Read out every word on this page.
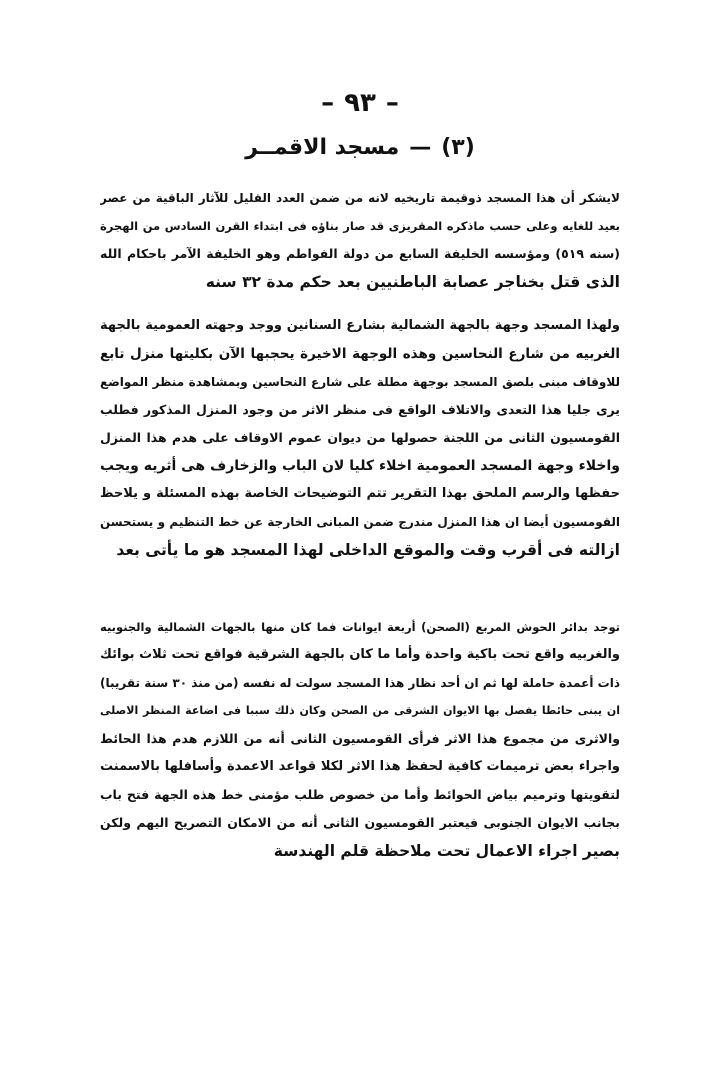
–٩٣–
(٣)—مسجد الاقمــر
لايشكر أن هذا المسجد ذوقيمة تاريخيه لانه من ضمن العدد القليل للآثار الباقية من عصر
بعيد للغايه وعلى حسب ماذكره المقريزى قد صار بناؤه فى ابتداء القرن السادس من الهجرة
(سنه ٥١٩) ومؤسسه الخليفة السابع من دولة الفواطم وهو الخليفة الآمر باحكام الله
الذى قتل بخناجر عصابة الباطنيين بعد حكم مدة ٣٢ سنه
ولهذا المسجد وجهة بالجهة الشمالية بشارع السنانين ووجد وجهته العمومية بالجهة
الغربيه من شارع النحاسين وهذه الوجهة الاخيرة يحجبها الآن بكليتها منزل تابع
للاوقاف مبنى بلصق المسجد بوجهة مطلة على شارع النحاسين وبمشاهدة منظر المواضع
يرى جليا هذا التعدى والاتلاف الواقع فى منظر الاثر من وجود المنزل المذكور فطلب
القومسيون الثانى من اللجنة حصولها من ديوان عموم الاوقاف على هدم هذا المنزل
واخلاء وجهة المسجد العمومية اخلاء كليا لان الباب والزخارف هى أثريه ويجب
حفظها والرسم الملحق بهذا التقرير تتم التوضيحات الخاصة بهذه المسئلة و يلاحظ
القومسيون أيضا ان هذا المنزل مندرج ضمن المبانى الخارجة عن خط التنظيم و يستحسن
ازالته فى أقرب وقت والموقع الداخلى لهذا المسجد هو ما يأتى بعد
توجد بدائر الحوش المربع (الصحن) أربعة ايوانات فما كان منها بالجهات الشمالية والجنوبيه
والغربيه واقع تحت باكية واحدة وأما ما كان بالجهة الشرقية فواقع تحت ثلاث بوائك
ذات أعمدة حاملة لها ثم ان أحد نظار هذا المسجد سولت له نفسه (من منذ ٣٠ سنة تقريبا)
ان يبنى حائطا يفصل بها الايوان الشرقى من الصحن وكان ذلك سببا فى اضاعة المنظر الاصلى
والاثرى من مجموع هذا الاثر فرأى القومسيون الثانى أنه من اللازم هدم هذا الحائط
واجراء بعض ترميمات كافية لحفظ هذا الاثر لكلا قواعد الاعمدة وأسافلها بالاسمنت
لتقويتها وترميم بياض الحوائط وأما من خصوص طلب مؤمنى خط هذه الجهة فتح باب
بجانب الايوان الجنوبى فيعتبر القومسيون الثانى أنه من الامكان التصريح اليهم ولكن
بصير اجراء الاعمال تحت ملاحظة قلم الهندسة
